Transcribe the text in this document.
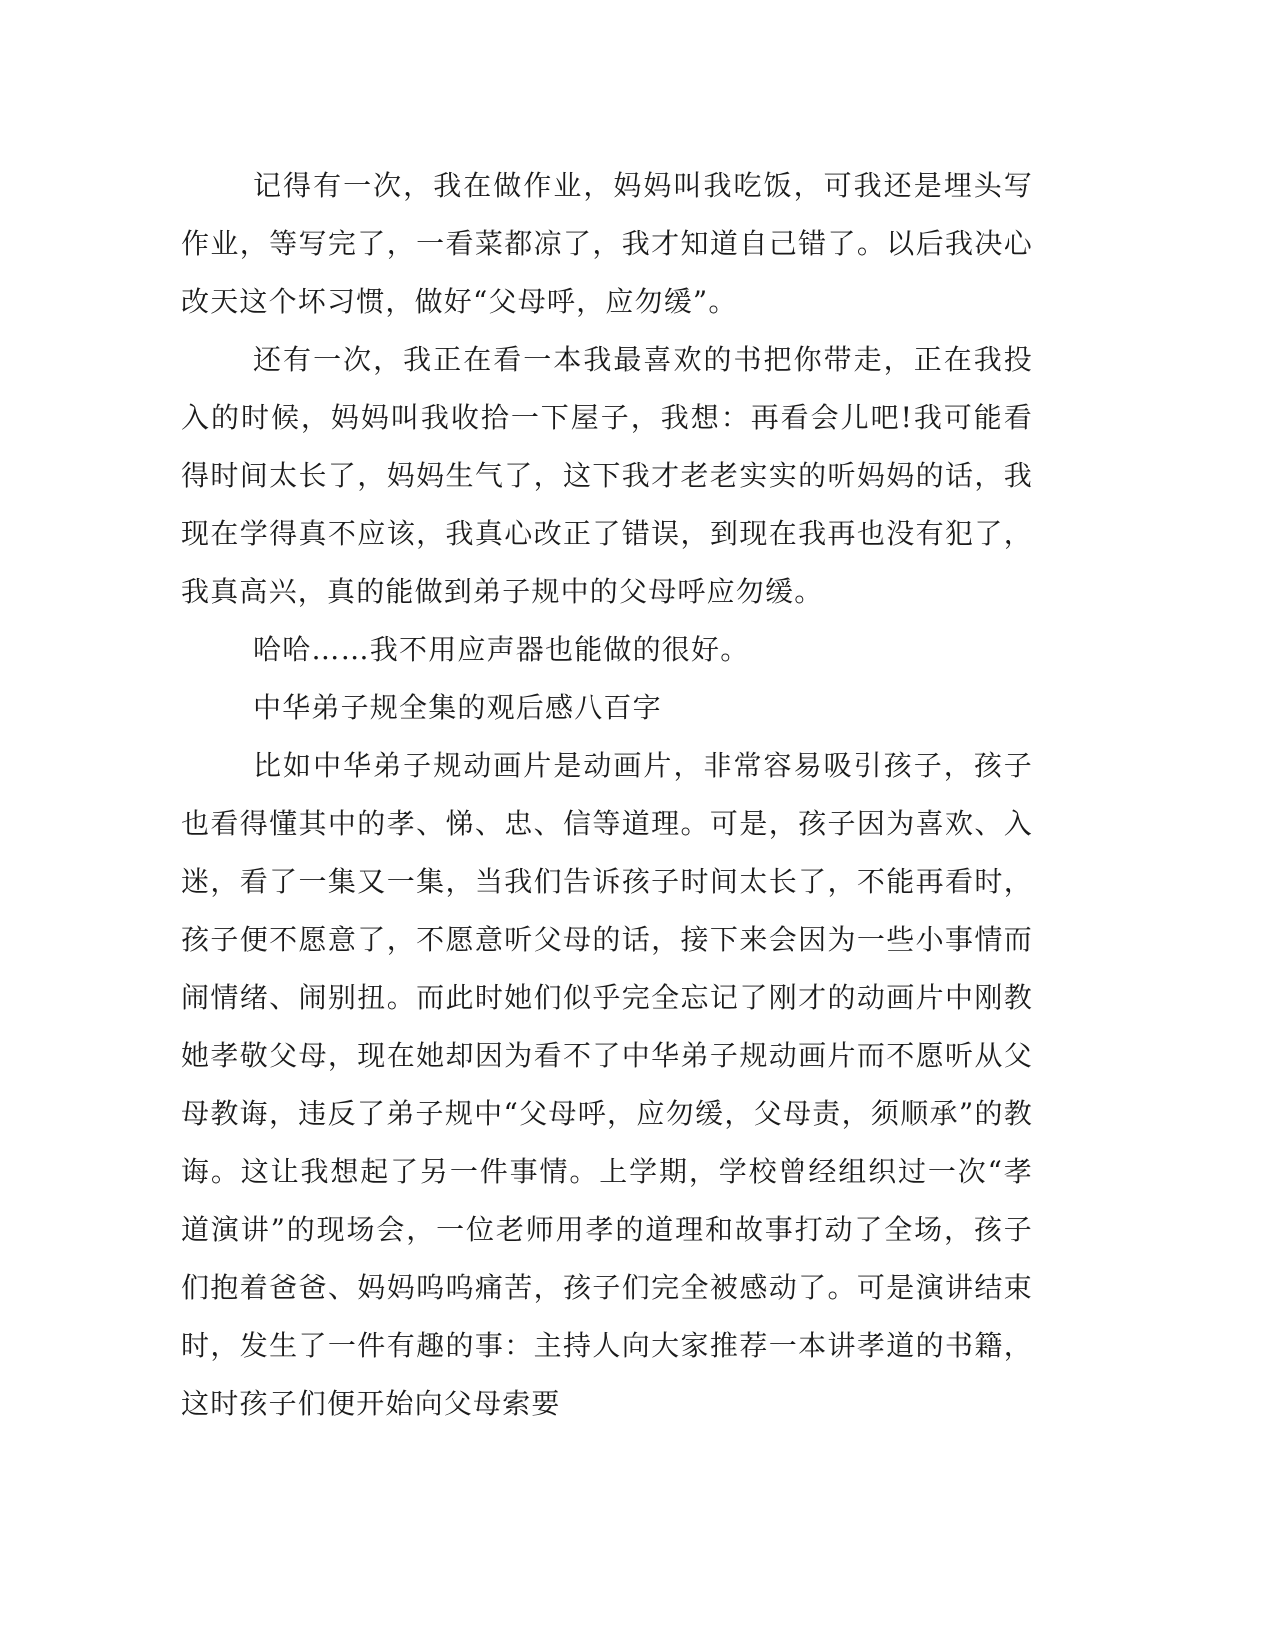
记得有一次，我在做作业，妈妈叫我吃饭，可我还是埋头写作业，等写完了，一看菜都凉了，我才知道自己错了。以后我决心改天这个坏习惯，做好“父母呼，应勿缓”。

还有一次，我正在看一本我最喜欢的书把你带走，正在我投入的时候，妈妈叫我收拾一下屋子，我想：再看会儿吧!我可能看得时间太长了，妈妈生气了，这下我才老老实实的听妈妈的话，我现在学得真不应该，我真心改正了错误，到现在我再也没有犯了，我真高兴，真的能做到弟子规中的父母呼应勿缓。

哈哈……我不用应声器也能做的很好。

中华弟子规全集的观后感八百字

比如中华弟子规动画片是动画片，非常容易吸引孩子，孩子也看得懂其中的孝、悌、忠、信等道理。可是，孩子因为喜欢、入迷，看了一集又一集，当我们告诉孩子时间太长了，不能再看时，孩子便不愿意了，不愿意听父母的话，接下来会因为一些小事情而闹情绪、闹别扭。而此时她们似乎完全忘记了刚才的动画片中刚教她孝敬父母，现在她却因为看不了中华弟子规动画片而不愿听从父母教诲，违反了弟子规中“父母呼，应勿缓，父母责，须顺承”的教诲。这让我想起了另一件事情。上学期，学校曾经组织过一次“孝道演讲”的现场会，一位老师用孝的道理和故事打动了全场，孩子们抱着爸爸、妈妈呜呜痛苦，孩子们完全被感动了。可是演讲结束时，发生了一件有趣的事：主持人向大家推荐一本讲孝道的书籍，这时孩子们便开始向父母索要
